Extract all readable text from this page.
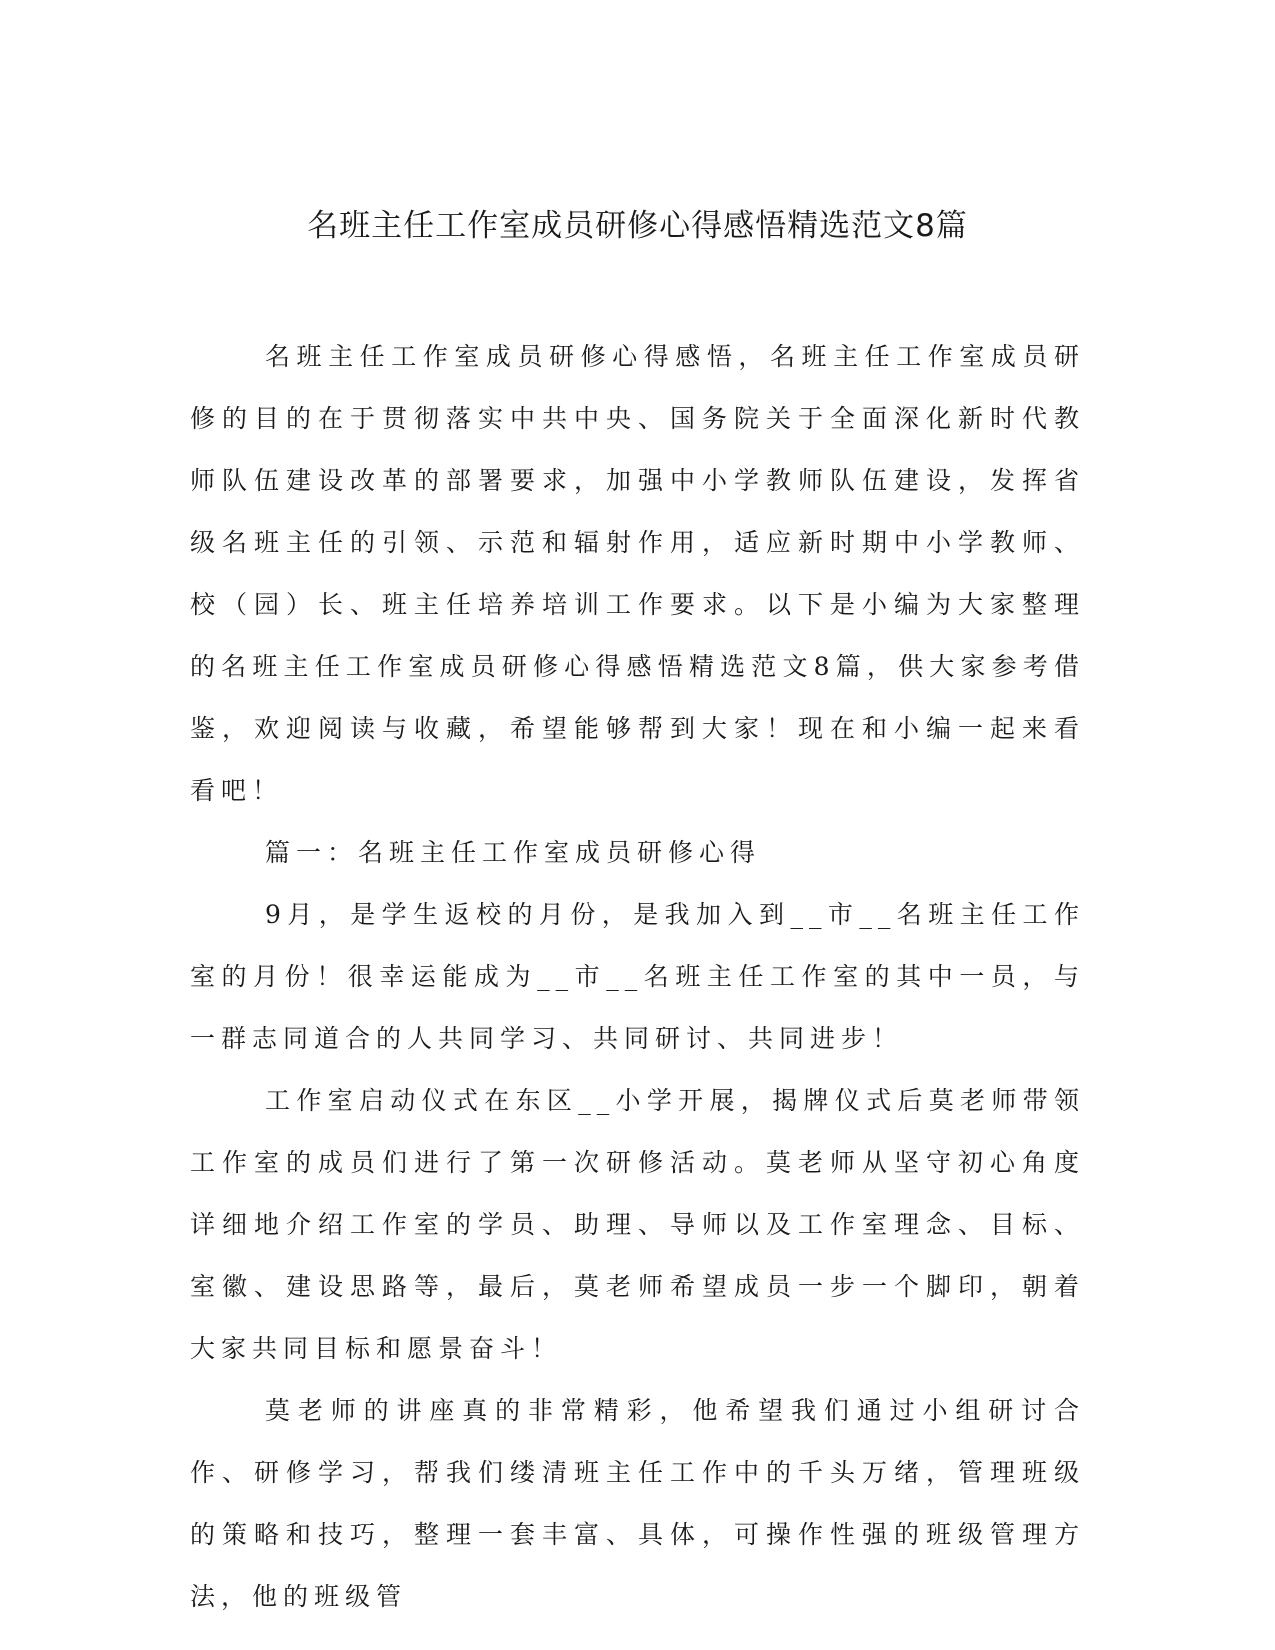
名班主任工作室成员研修心得感悟精选范文8篇

名班主任工作室成员研修心得感悟，名班主任工作室成员研修的目的在于贯彻落实中共中央、国务院关于全面深化新时代教师队伍建设改革的部署要求，加强中小学教师队伍建设，发挥省级名班主任的引领、示范和辐射作用，适应新时期中小学教师、校（园）长、班主任培养培训工作要求。以下是小编为大家整理的名班主任工作室成员研修心得感悟精选范文8篇，供大家参考借鉴，欢迎阅读与收藏，希望能够帮到大家！现在和小编一起来看看吧！

篇一：名班主任工作室成员研修心得

9月，是学生返校的月份，是我加入到__市__名班主任工作室的月份！很幸运能成为__市__名班主任工作室的其中一员，与一群志同道合的人共同学习、共同研讨、共同进步！

工作室启动仪式在东区__小学开展，揭牌仪式后莫老师带领工作室的成员们进行了第一次研修活动。莫老师从坚守初心角度详细地介绍工作室的学员、助理、导师以及工作室理念、目标、室徽、建设思路等，最后，莫老师希望成员一步一个脚印，朝着大家共同目标和愿景奋斗！

莫老师的讲座真的非常精彩，他希望我们通过小组研讨合作、研修学习，帮我们缕清班主任工作中的千头万绪，管理班级的策略和技巧，整理一套丰富、具体，可操作性强的班级管理方法，他的班级管
